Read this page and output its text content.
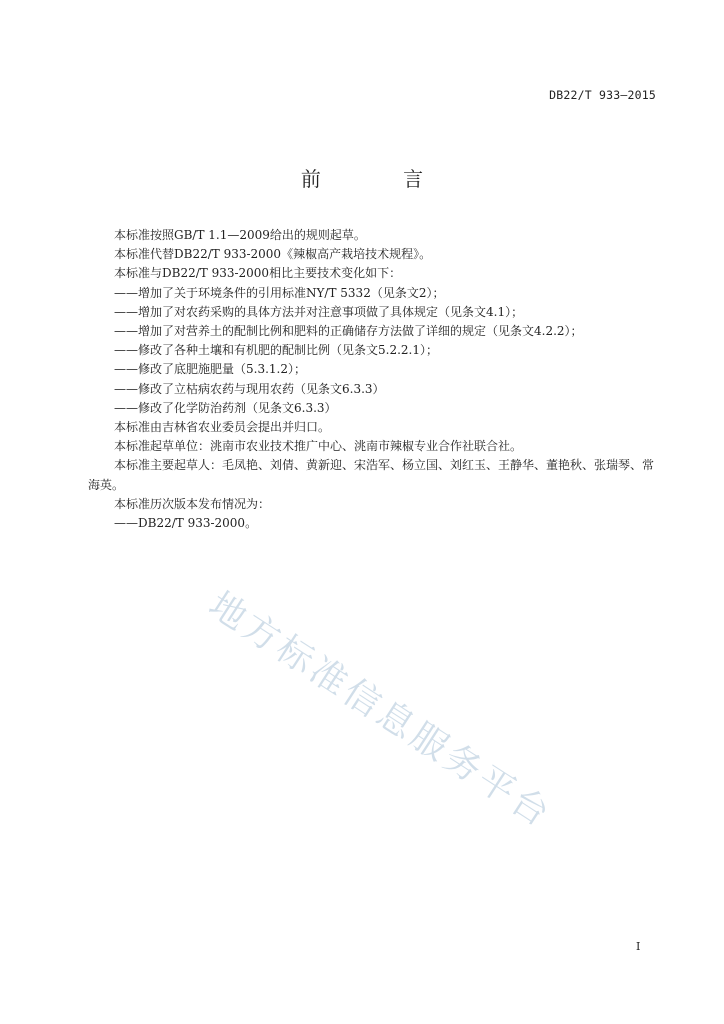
DB22/T 933—2015
前 言

本标准按照GB/T 1.1—2009给出的规则起草。

本标准代替DB22/T 933-2000《辣椒高产栽培技术规程》。

本标准与DB22/T 933-2000相比主要技术变化如下：

——增加了关于环境条件的引用标准NY/T 5332（见条文2）；

——增加了对农药采购的具体方法并对注意事项做了具体规定（见条文4.1）；

——增加了对营养土的配制比例和肥料的正确储存方法做了详细的规定（见条文4.2.2）；

——修改了各种土壤和有机肥的配制比例（见条文5.2.2.1）；

——修改了底肥施肥量（5.3.1.2）；

——修改了立枯病农药与现用农药（见条文6.3.3）

——修改了化学防治药剂（见条文6.3.3）

本标准由吉林省农业委员会提出并归口。

本标准起草单位：洮南市农业技术推广中心、洮南市辣椒专业合作社联合社。

本标准主要起草人：毛凤艳、刘倩、黄新迎、宋浩军、杨立国、刘红玉、王静华、董艳秋、张瑞琴、常海英。

本标准历次版本发布情况为：

——DB22/T 933-2000。

地方标准信息服务平台
I
